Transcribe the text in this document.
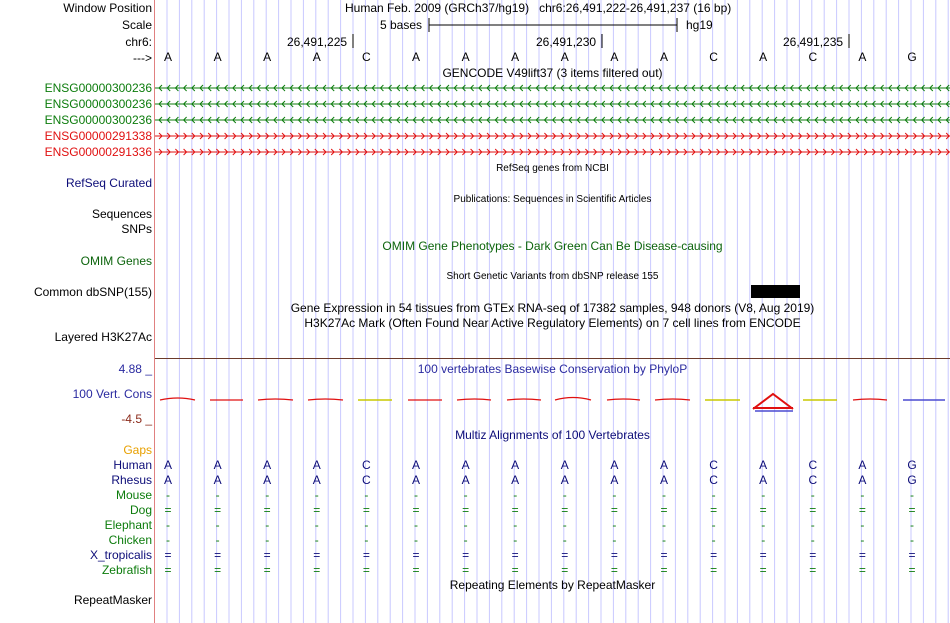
Window Position
Scale
chr6:
--->
Human Feb. 2009 (GRCh37/hg19) chr6:26,491,222-26,491,237 (16 bp)
5 bases	hg19
26,491,225	26,491,230	26,491,235
A	A	A	A	C	A	A	A	A	A	A	C	A	C	A	G
GENCODE V49lift37 (3 items filtered out)
ENSG00000300236
ENSG00000300236
ENSG00000300236
ENSG00000291338
ENSG00000291336
RefSeq genes from NCBI
RefSeq Curated
Publications: Sequences in Scientific Articles
Sequences
SNPs
OMIM Gene Phenotypes - Dark Green Can Be Disease-causing
OMIM Genes
Short Genetic Variants from dbSNP release 155
Common dbSNP(155)
Gene Expression in 54 tissues from GTEx RNA-seq of 17382 samples, 948 donors (V8, Aug 2019)
H3K27Ac Mark (Often Found Near Active Regulatory Elements) on 7 cell lines from ENCODE
Layered H3K27Ac
4.88 _	100 vertebrates Basewise Conservation by PhyloP
100 Vert. Cons
-4.5 _
Multiz Alignments of 100 Vertebrates
Gaps
Human A	A	A	A	C	A	A	A	A	A	A	C	A	C	A	G
Rhesus A	A	A	A	C	A	A	A	A	A	A	C	A	C	A	G
Mouse	-	-	-	-	-	-	-	-	-	-	-	-	-	-	-	-
Dog	=	=	=	=	=	=	=	=	=	=	=	=	=	=	=	=
Elephant	-	-	-	-	-	-	-	-	-	-	-	-	-	-	-	-
Chicken	-	-	-	-	-	-	-	-	-	-	-	-	-	-	-	-
X_tropicalis	=	=	=	=	=	=	=	=	=	=	=	=	=	=	=	=
Zebrafish	=	=	=	=	=	=	=	=	=	=	=	=	=	=	=	=
Repeating Elements by RepeatMasker
RepeatMasker
